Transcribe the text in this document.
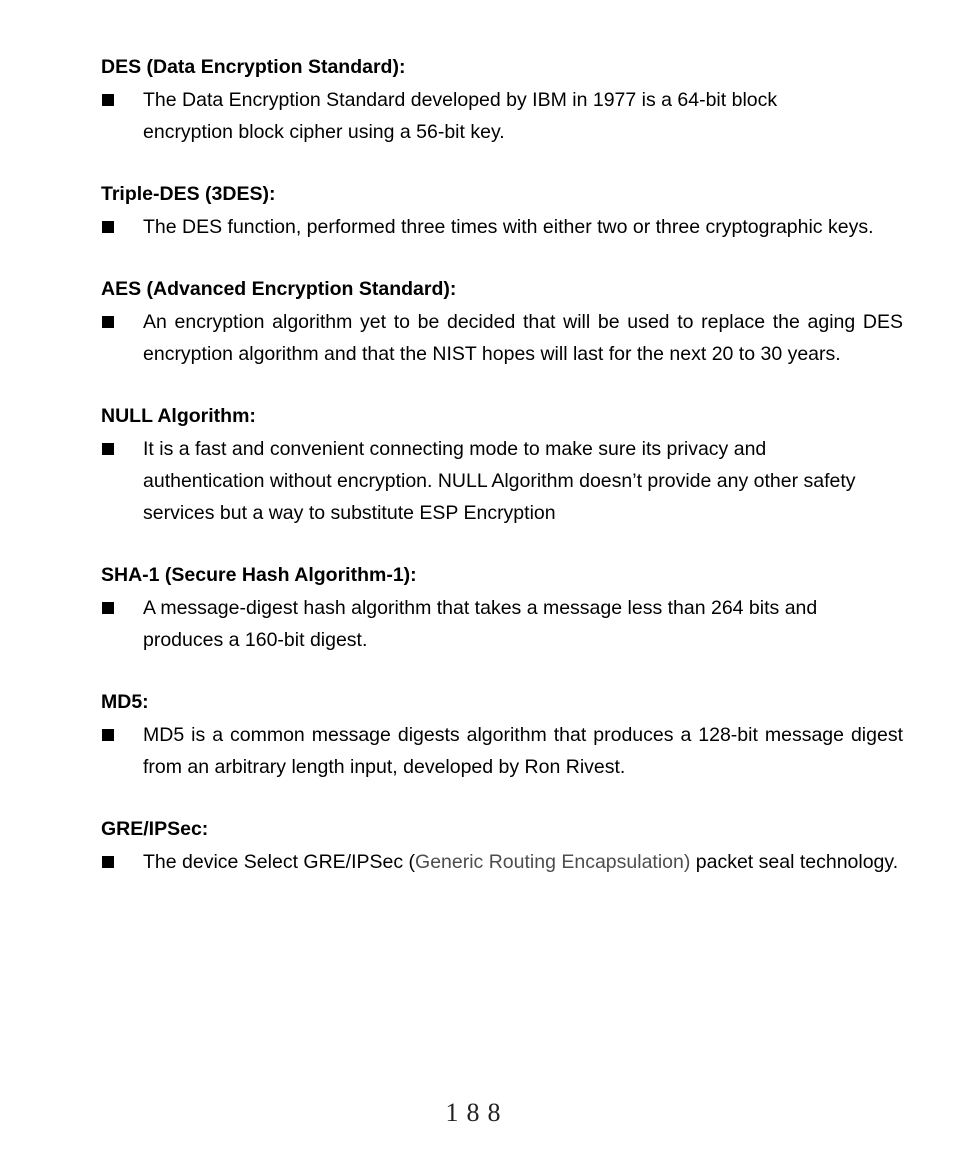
DES (Data Encryption Standard):
The Data Encryption Standard developed by IBM in 1977 is a 64-bit block encryption block cipher using a 56-bit key.
Triple-DES (3DES):
The DES function, performed three times with either two or three cryptographic keys.
AES (Advanced Encryption Standard):
An encryption algorithm yet to be decided that will be used to replace the aging DES encryption algorithm and that the NIST hopes will last for the next 20 to 30 years.
NULL Algorithm:
It is a fast and convenient connecting mode to make sure its privacy and authentication without encryption. NULL Algorithm doesn’t provide any other safety services but a way to substitute ESP Encryption
SHA-1 (Secure Hash Algorithm-1):
A message-digest hash algorithm that takes a message less than 264 bits and produces a 160-bit digest.
MD5:
MD5 is a common message digests algorithm that produces a 128-bit message digest from an arbitrary length input, developed by Ron Rivest.
GRE/IPSec:
The device Select GRE/IPSec (Generic Routing Encapsulation) packet seal technology.
188
